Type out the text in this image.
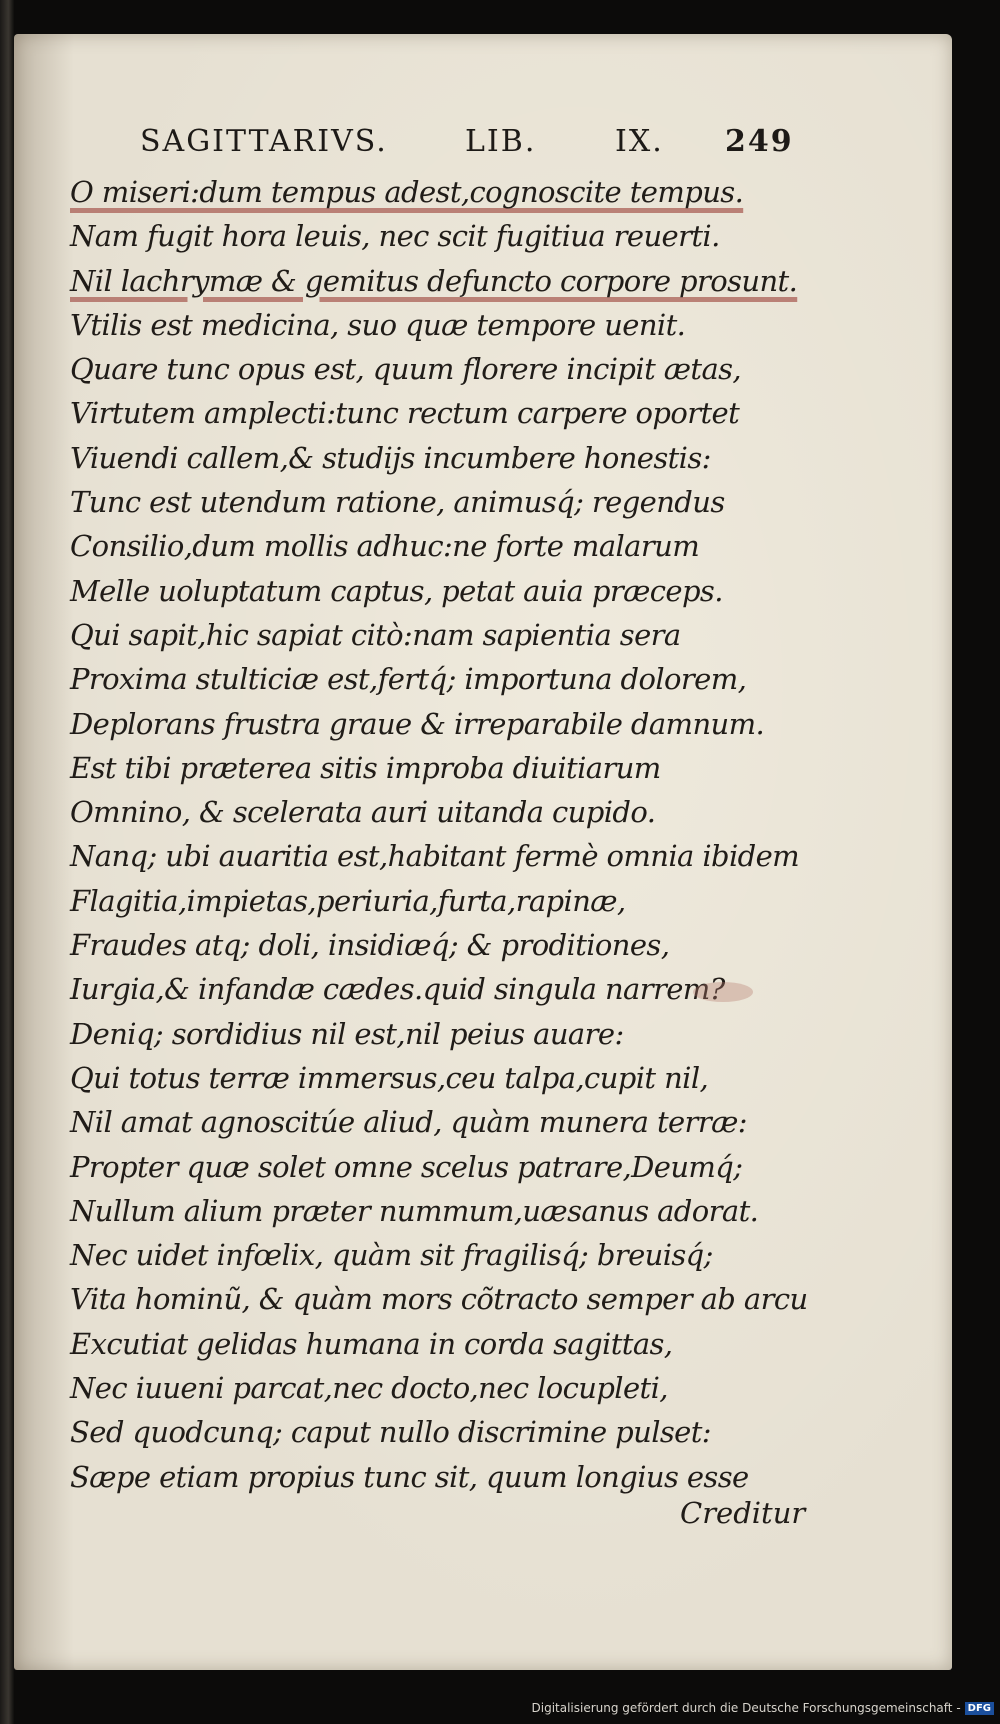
SAGITTARIVS.	LIB.	IX. 249
O miseri:dum tempus adest,cognoscite tempus.
Nam fugit hora leuis, nec scit fugitiua reuerti.
Nil lachrymæ & gemitus defuncto corpore prosunt.
Vtilis est medicina, suo quæ tempore uenit.
Quare tunc opus est, quum florere incipit ætas,
Virtutem amplecti:tunc rectum carpere oportet
Viuendi callem,& studijs incumbere honestis:
Tunc est utendum ratione, animusq́; regendus
Consilio,dum mollis adhuc:ne forte malarum
Melle uoluptatum captus, petat auia præceps.
Qui sapit,hic sapiat citò:nam sapientia sera
Proxima stulticiæ est,fertq́; importuna dolorem,
Deplorans frustra graue & irreparabile damnum.
Est tibi præterea sitis improba diuitiarum
Omnino, & scelerata auri uitanda cupido.
Nanq; ubi auaritia est,habitant fermè omnia ibidem
Flagitia,impietas,periuria,furta,rapinæ,
Fraudes atq; doli, insidiæq́; & proditiones,
Iurgia,& infandæ cædes.quid singula narrem?
Deniq; sordidius nil est,nil peius auare:
Qui totus terræ immersus,ceu talpa,cupit nil,
Nil amat agnoscitúe aliud, quàm munera terræ:
Propter quæ solet omne scelus patrare,Deumq́;
Nullum alium præter nummum,uæsanus adorat.
Nec uidet infœlix, quàm sit fragilisq́; breuisq́;
Vita hominũ, & quàm mors cõtracto semper ab arcu
Excutiat gelidas humana in corda sagittas,
Nec iuueni parcat,nec docto,nec locupleti,
Sed quodcunq; caput nullo discrimine pulset:
Sæpe etiam propius tunc sit, quum longius esse
Creditur
Digitalisierung gefördert durch die Deutsche Forschungsgemeinschaft - DFG
